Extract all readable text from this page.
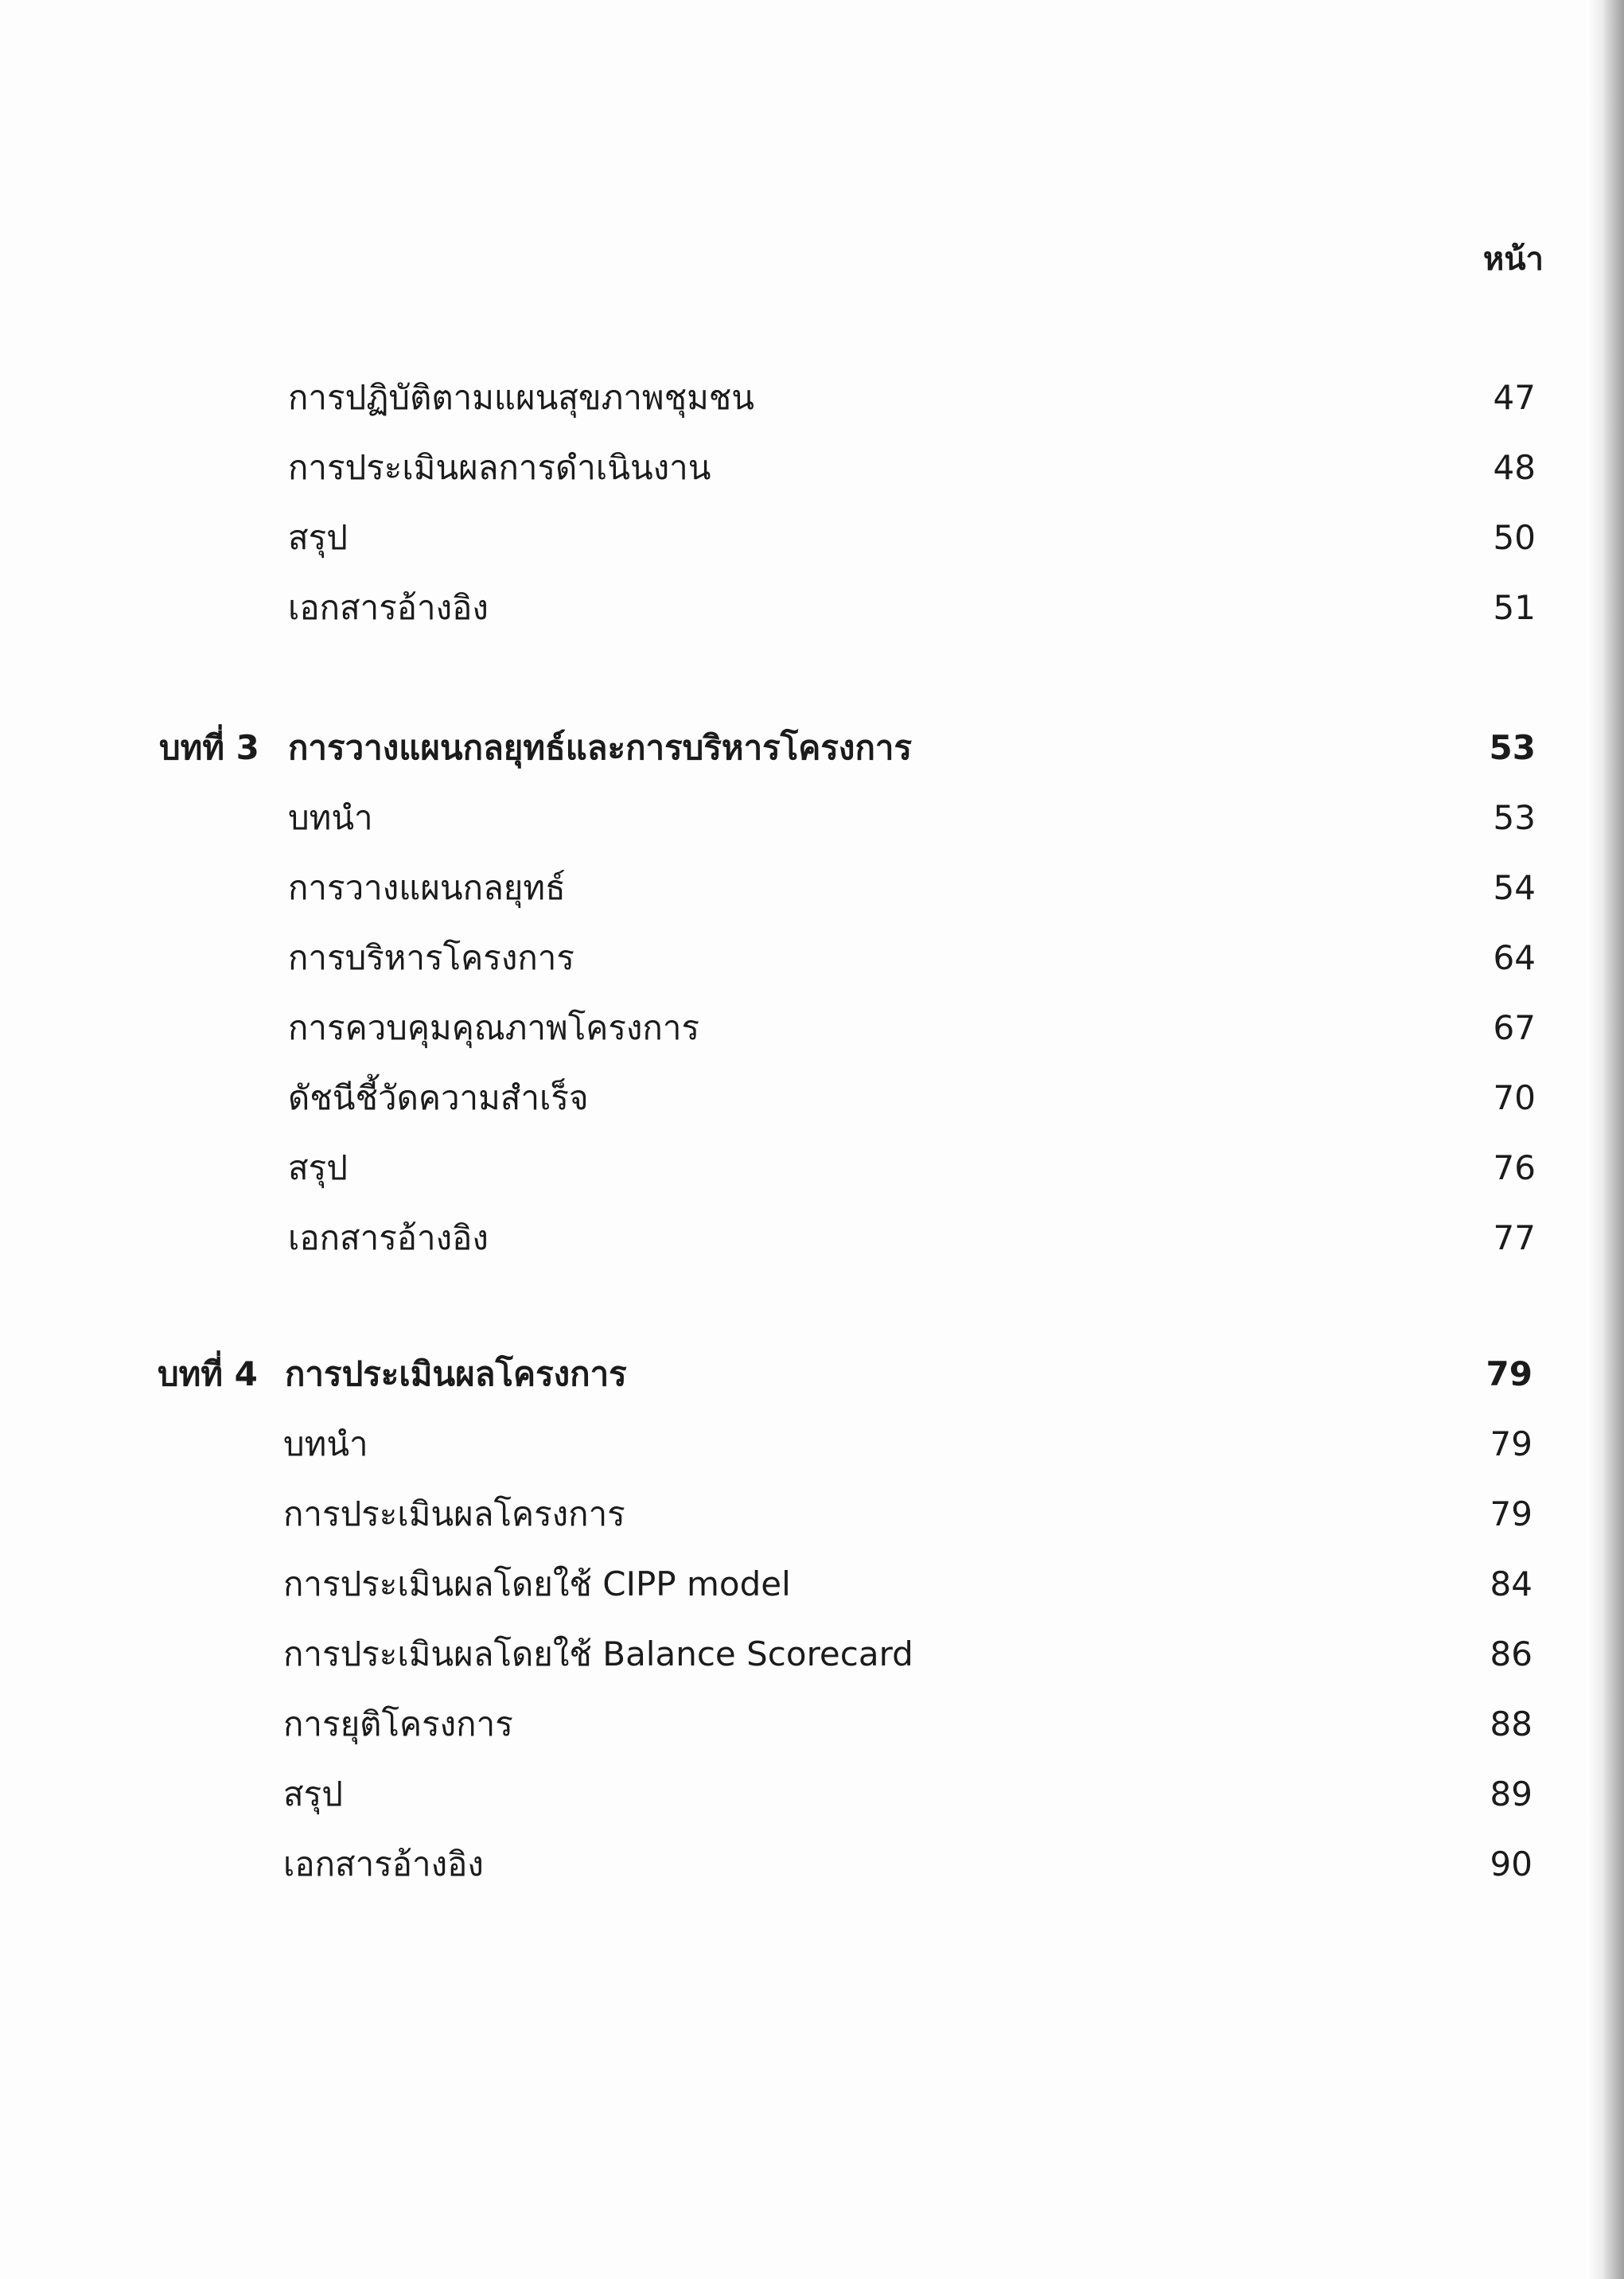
หน้า
การปฏิบัติตามแผนสุขภาพชุมชน	47
การประเมินผลการดำเนินงาน	48
สรุป	50
เอกสารอ้างอิง	51
บทที่ 3 การวางแผนกลยุทธ์และการบริหารโครงการ	53
บทนำ	53
การวางแผนกลยุทธ์	54
การบริหารโครงการ	64
การควบคุมคุณภาพโครงการ	67
ดัชนีชี้วัดความสำเร็จ	70
สรุป	76
เอกสารอ้างอิง	77
บทที่ 4 การประเมินผลโครงการ	79
บทนำ	79
การประเมินผลโครงการ	79
การประเมินผลโดยใช้ CIPP model	84
การประเมินผลโดยใช้ Balance Scorecard	86
การยุติโครงการ	88
สรุป	89
เอกสารอ้างอิง	90
